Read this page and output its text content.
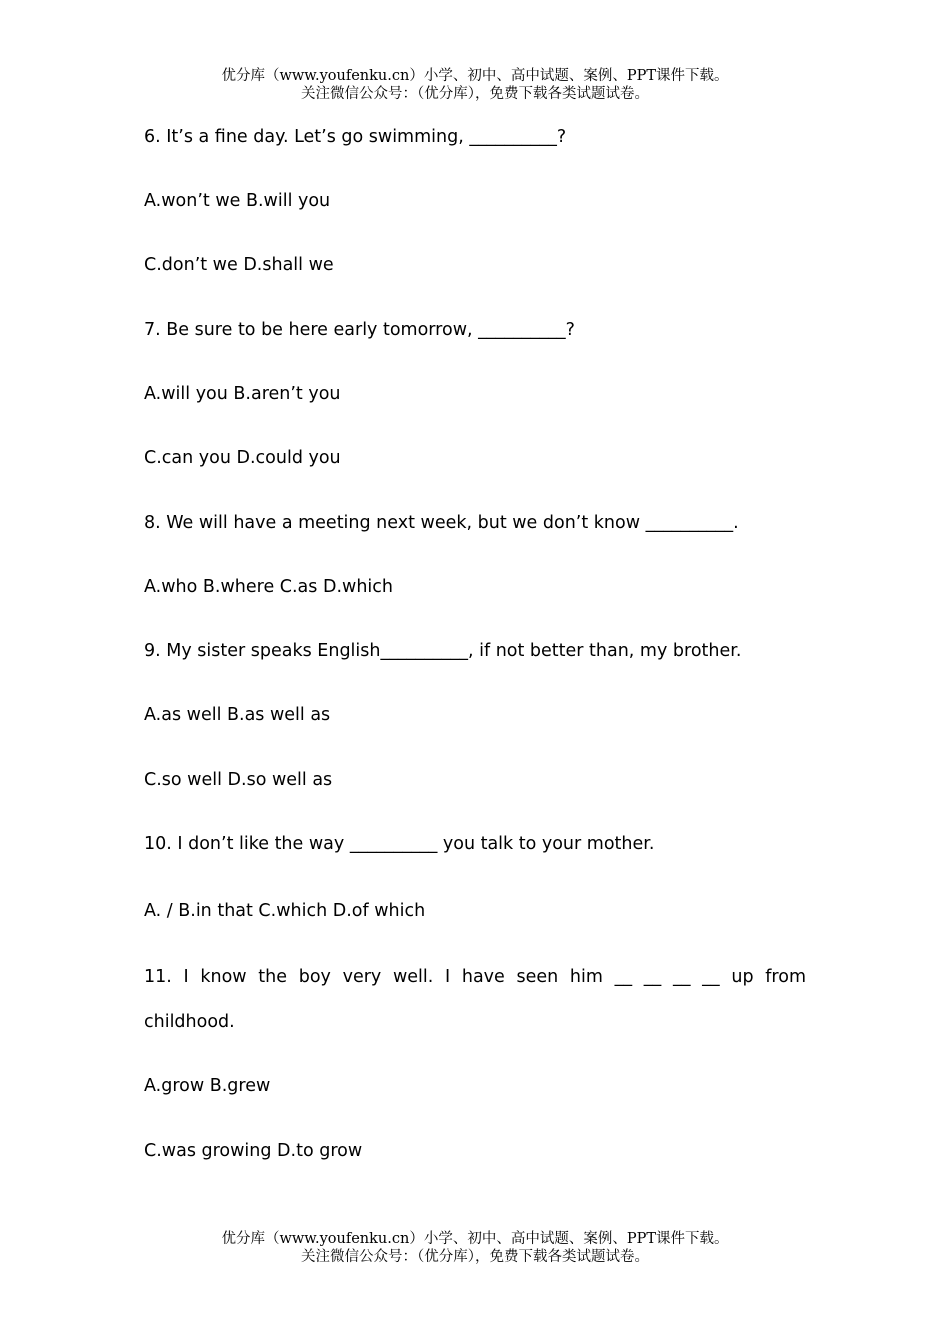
优分库（www.youfenku.cn）小学、初中、高中试题、案例、PPT课件下载。
关注微信公众号：（优分库），免费下载各类试题试卷。
6. It’s a fine day. Let’s go swimming, __________?
A.won’t we B.will you
C.don’t we D.shall we
7. Be sure to be here early tomorrow, __________?
A.will you B.aren’t you
C.can you D.could you
8. We will have a meeting next week, but we don’t know __________.
A.who B.where C.as D.which
9. My sister speaks English__________, if not better than, my brother.
A.as well B.as well as
C.so well D.so well as
10. I don’t like the way __________ you talk to your mother.
A. / B.in that C.which D.of which
11. I know the boy very well. I have seen him __ __ __ __ up from
childhood.
A.grow B.grew
C.was growing D.to grow
优分库（www.youfenku.cn）小学、初中、高中试题、案例、PPT课件下载。
关注微信公众号：（优分库），免费下载各类试题试卷。
